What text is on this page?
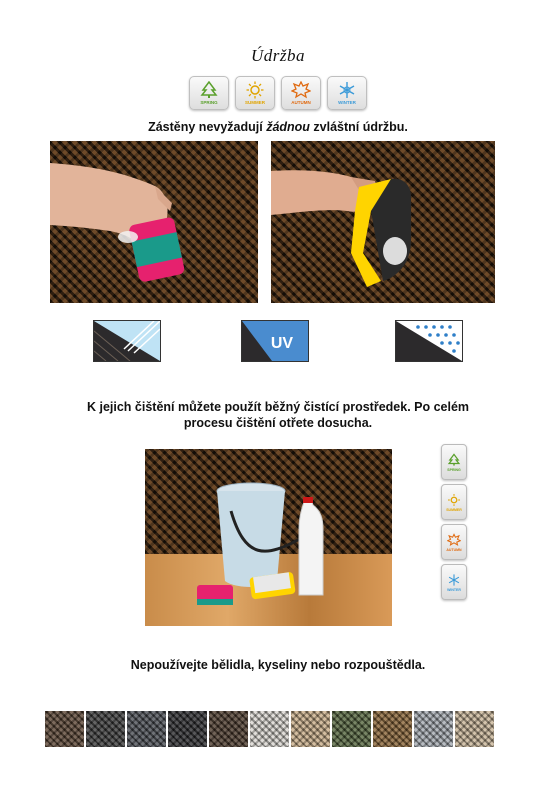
Údržba
SPRING	SUMMER	AUTUMN	WINTER
Zástěny nevyžadují žádnou zvláštní údržbu.
UV
K jejich čištění můžete použít běžný čistící prostředek. Po celém
procesu čištění otřete dosucha.
SPRING
SUMMER
AUTUMN
WINTER
Nepoužívejte bělidla, kyseliny nebo rozpouštědla.
